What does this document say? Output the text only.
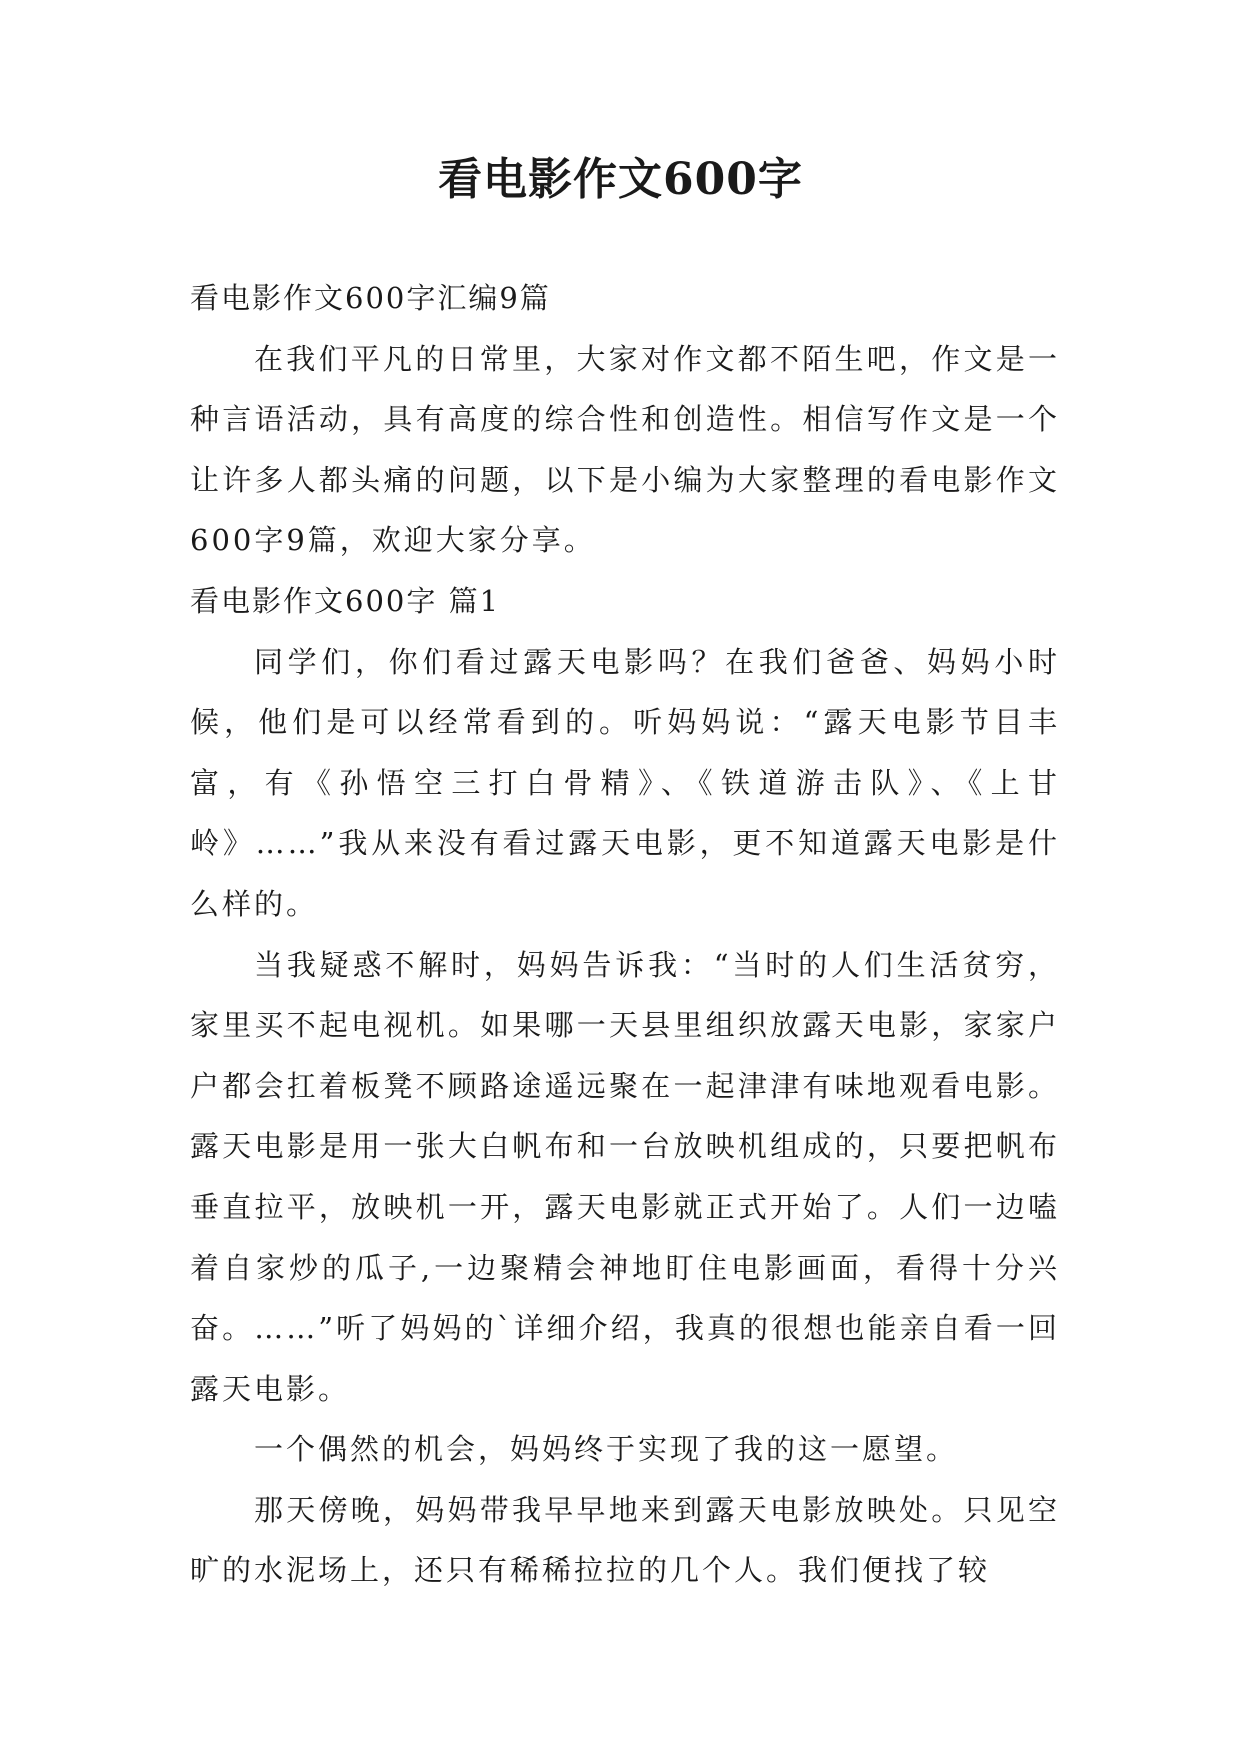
看电影作文600字

看电影作文600字汇编9篇

在我们平凡的日常里，大家对作文都不陌生吧，作文是一种言语活动，具有高度的综合性和创造性。相信写作文是一个让许多人都头痛的问题，以下是小编为大家整理的看电影作文600字9篇，欢迎大家分享。

看电影作文600字 篇1

同学们，你们看过露天电影吗？在我们爸爸、妈妈小时候，他们是可以经常看到的。听妈妈说：“露天电影节目丰富，有《孙悟空三打白骨精》、《铁道游击队》、《上甘岭》……”我从来没有看过露天电影，更不知道露天电影是什么样的。

当我疑惑不解时，妈妈告诉我：“当时的人们生活贫穷，家里买不起电视机。如果哪一天县里组织放露天电影，家家户户都会扛着板凳不顾路途遥远聚在一起津津有味地观看电影。露天电影是用一张大白帆布和一台放映机组成的，只要把帆布垂直拉平，放映机一开，露天电影就正式开始了。人们一边嗑着自家炒的瓜子,一边聚精会神地盯住电影画面，看得十分兴奋。……”听了妈妈的`详细介绍，我真的很想也能亲自看一回露天电影。

一个偶然的机会，妈妈终于实现了我的这一愿望。

那天傍晚，妈妈带我早早地来到露天电影放映处。只见空旷的水泥场上，还只有稀稀拉拉的几个人。我们便找了较
